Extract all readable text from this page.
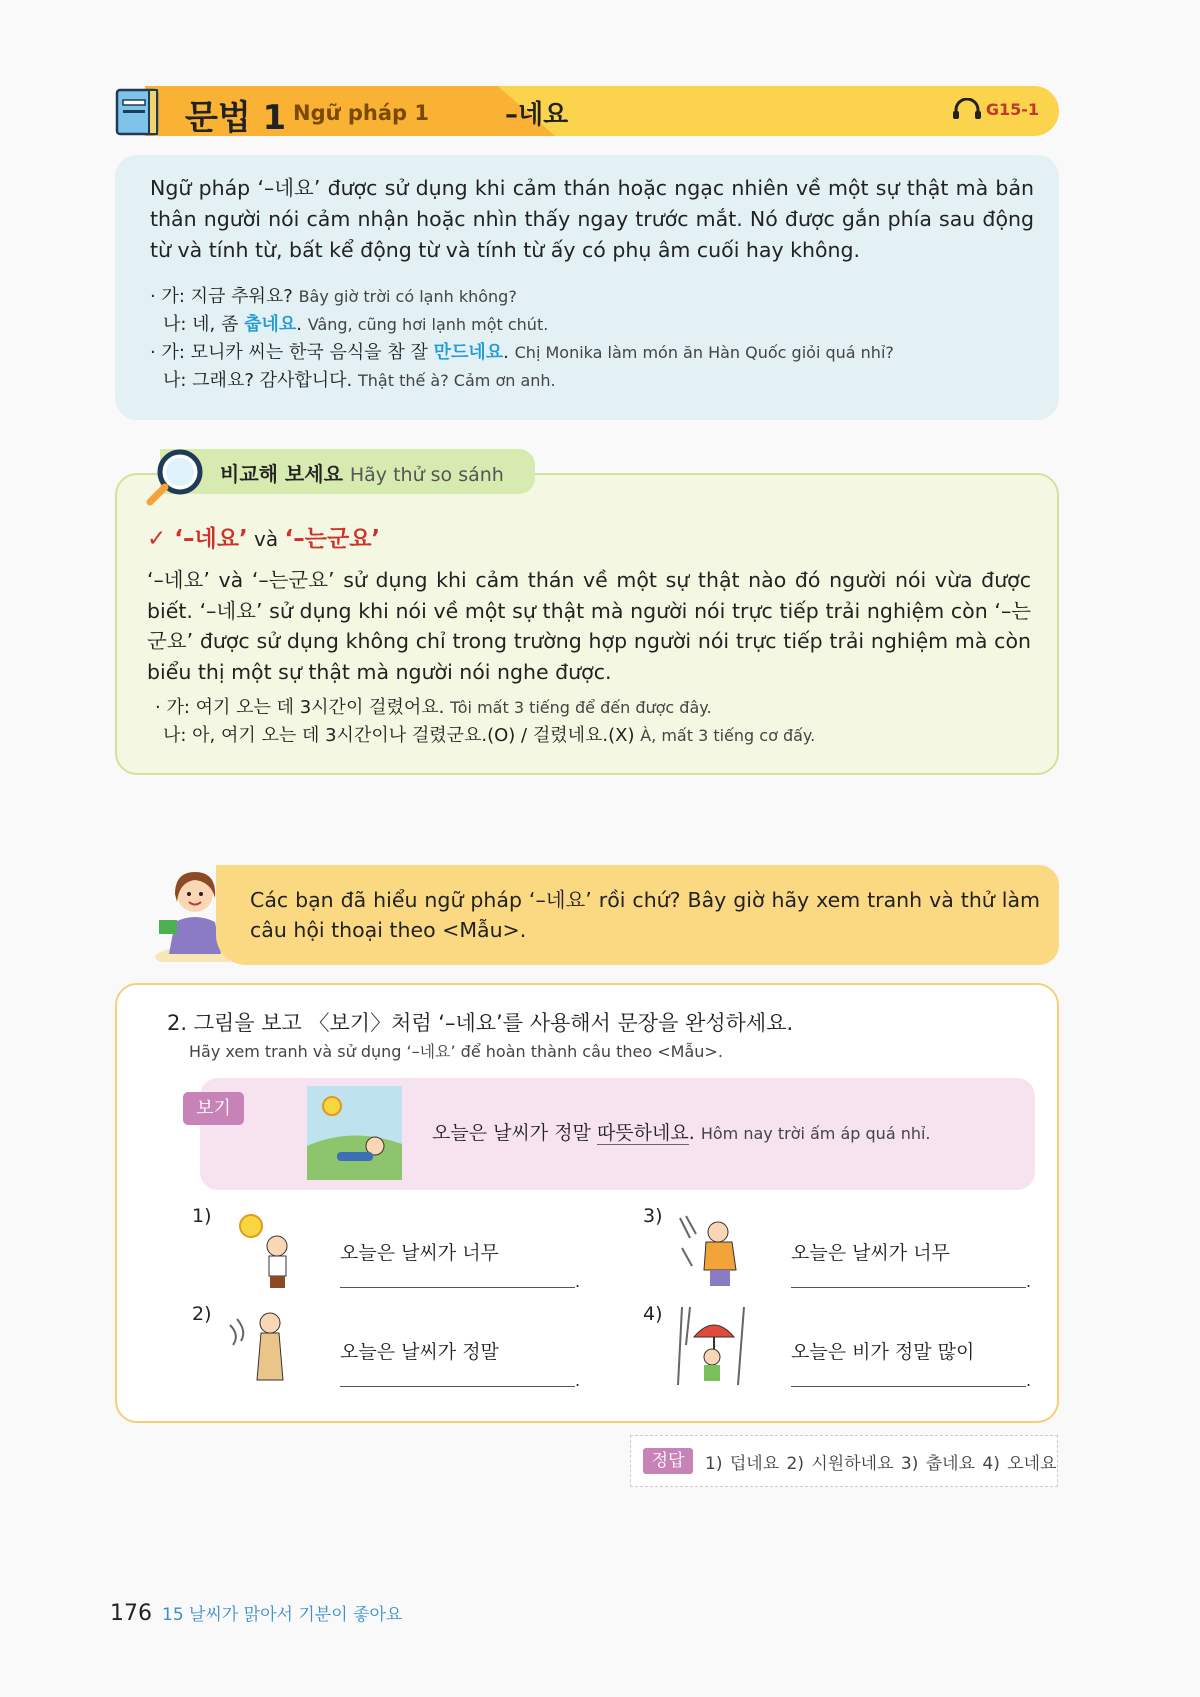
문법 1 Ngữ pháp 1	–네요	G15-1
Ngữ pháp ‘–네요’ được sử dụng khi cảm thán hoặc ngạc nhiên về một sự thật mà bản thân người nói cảm nhận hoặc nhìn thấy ngay trước mắt. Nó được gắn phía sau động từ và tính từ, bất kể động từ và tính từ ấy có phụ âm cuối hay không.
· 가: 지금 추워요? Bây giờ trời có lạnh không?
나: 네, 좀 춥네요. Vâng, cũng hơi lạnh một chút.
· 가: 모니카 씨는 한국 음식을 참 잘 만드네요. Chị Monika làm món ăn Hàn Quốc giỏi quá nhỉ?
나: 그래요? 감사합니다. Thật thế à? Cảm ơn anh.
✓ ‘–네요’ và ‘–는군요’
‘–네요’ và ‘–는군요’ sử dụng khi cảm thán về một sự thật nào đó người nói vừa được biết. ‘–네요’ sử dụng khi nói về một sự thật mà người nói trực tiếp trải nghiệm còn ‘–는군요’ được sử dụng không chỉ trong trường hợp người nói trực tiếp trải nghiệm mà còn biểu thị một sự thật mà người nói nghe được.
· 가: 여기 오는 데 3시간이 걸렸어요. Tôi mất 3 tiếng để đến được đây.
나: 아, 여기 오는 데 3시간이나 걸렸군요.(O) / 걸렸네요.(X) À, mất 3 tiếng cơ đấy.
비교해 보세요 Hãy thử so sánh
Các bạn đã hiểu ngữ pháp ‘–네요’ rồi chứ? Bây giờ hãy xem tranh và thử làm câu hội thoại theo <Mẫu>.
2. 그림을 보고 〈보기〉처럼 ‘–네요’를 사용해서 문장을 완성하세요.
Hãy xem tranh và sử dụng ‘–네요’ để hoàn thành câu theo <Mẫu>.
보기
오늘은 날씨가 정말 따뜻하네요. Hôm nay trời ấm áp quá nhỉ.
1)
오늘은 날씨가 너무
.
2)
오늘은 날씨가 정말
.
3)
오늘은 날씨가 너무
.
4)
오늘은 비가 정말 많이
.
정답	1) 덥네요 2) 시원하네요 3) 춥네요 4) 오네요
176 15 날씨가 맑아서 기분이 좋아요
